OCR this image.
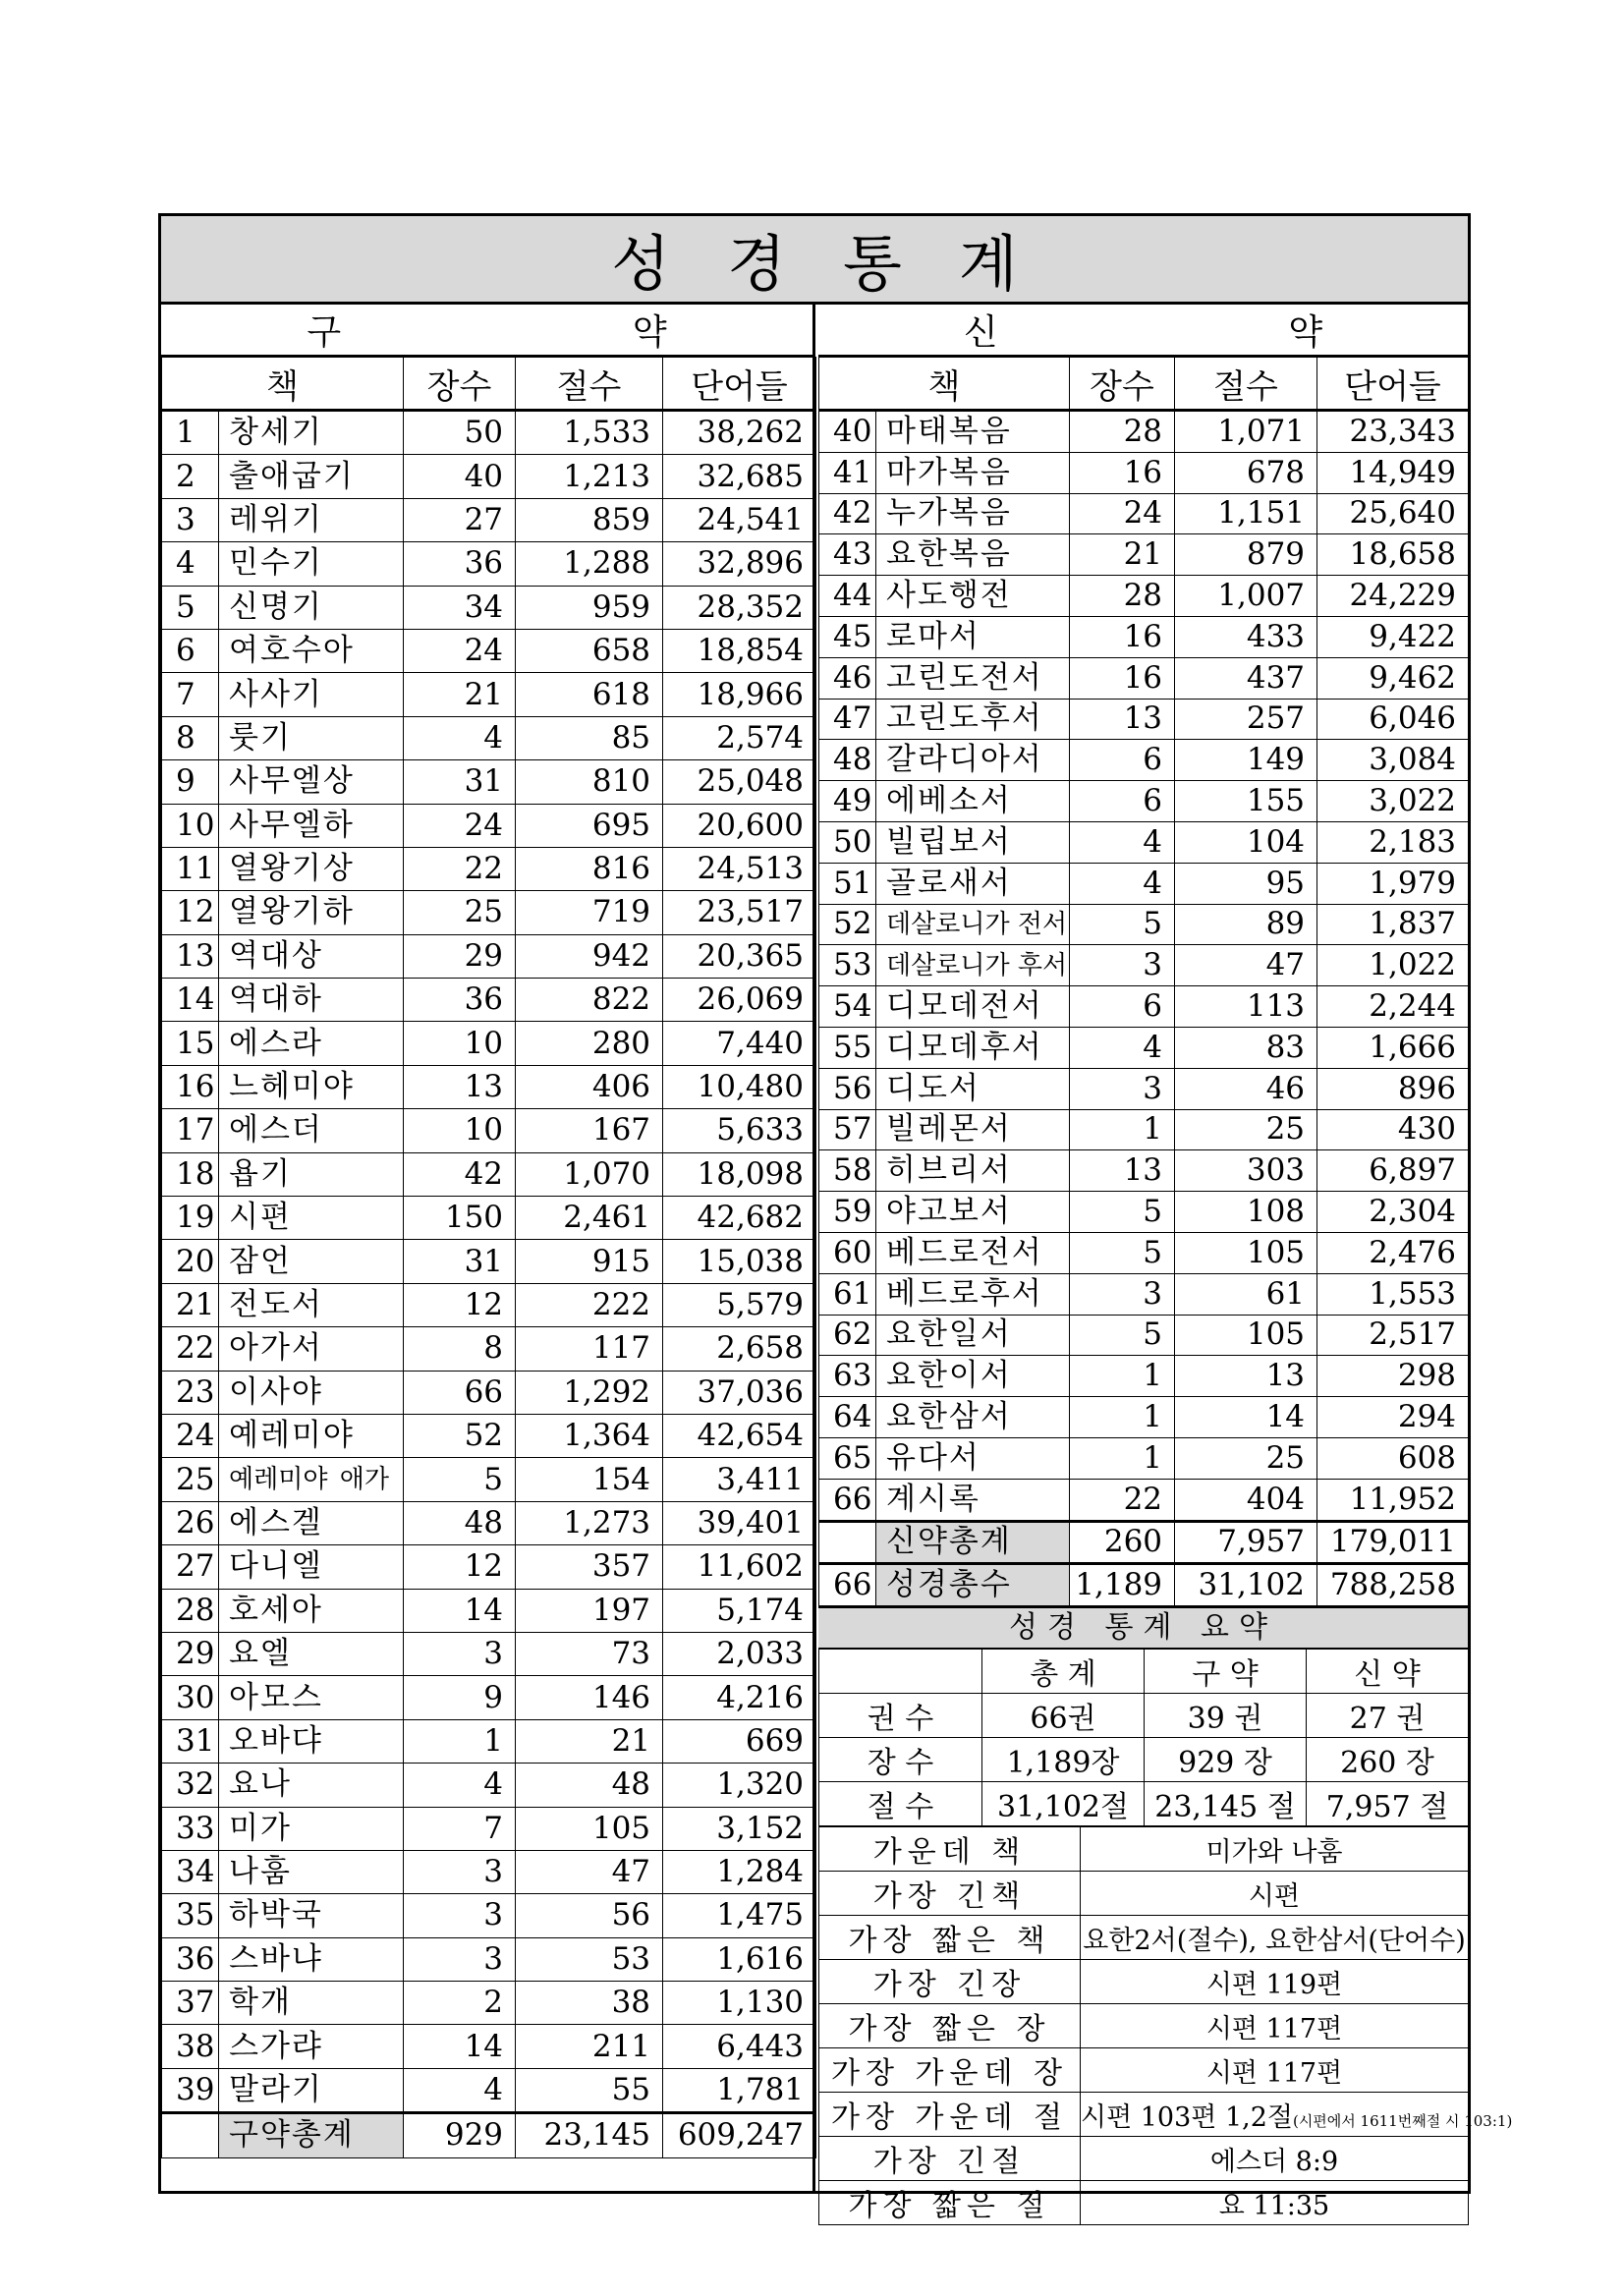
성경통계
구	약
책		장수	절수	단어들
1	창세기	50	1,533	38,262
2	출애굽기	40	1,213	32,685
3	레위기	27	859	24,541
4	민수기	36	1,288	32,896
5	신명기	34	959	28,352
6	여호수아	24	658	18,854
7	사사기	21	618	18,966
8	룻기	4	85	2,574
9	사무엘상	31	810	25,048
10	사무엘하	24	695	20,600
11	열왕기상	22	816	24,513
12	열왕기하	25	719	23,517
13	역대상	29	942	20,365
14	역대하	36	822	26,069
15	에스라	10	280	7,440
16	느헤미야	13	406	10,480
17	에스더	10	167	5,633
18	욥기	42	1,070	18,098
19	시편	150	2,461	42,682
20	잠언	31	915	15,038
21	전도서	12	222	5,579
22	아가서	8	117	2,658
23	이사야	66	1,292	37,036
24	예레미야	52	1,364	42,654
25	예레미야 애가	5	154	3,411
26	에스겔	48	1,273	39,401
27	다니엘	12	357	11,602
28	호세아	14	197	5,174
29	요엘	3	73	2,033
30	아모스	9	146	4,216
31	오바댜	1	21	669
32	요나	4	48	1,320
33	미가	7	105	3,152
34	나훔	3	47	1,284
35	하박국	3	56	1,475
36	스바냐	3	53	1,616
37	학개	2	38	1,130
38	스가랴	14	211	6,443
39	말라기	4	55	1,781
	구약총계	929	23,145	609,247
신	약
책		장수	절수	단어들
40	마태복음	28	1,071	23,343
41	마가복음	16	678	14,949
42	누가복음	24	1,151	25,640
43	요한복음	21	879	18,658
44	사도행전	28	1,007	24,229
45	로마서	16	433	9,422
46	고린도전서	16	437	9,462
47	고린도후서	13	257	6,046
48	갈라디아서	6	149	3,084
49	에베소서	6	155	3,022
50	빌립보서	4	104	2,183
51	골로새서	4	95	1,979
52	데살로니가 전서	5	89	1,837
53	데살로니가 후서	3	47	1,022
54	디모데전서	6	113	2,244
55	디모데후서	4	83	1,666
56	디도서	3	46	896
57	빌레몬서	1	25	430
58	히브리서	13	303	6,897
59	야고보서	5	108	2,304
60	베드로전서	5	105	2,476
61	베드로후서	3	61	1,553
62	요한일서	5	105	2,517
63	요한이서	1	13	298
64	요한삼서	1	14	294
65	유다서	1	25	608
66	계시록	22	404	11,952
	신약총계	260	7,957	179,011
66	성경총수	1,189	31,102	788,258
성경 통계 요약
	총 계	구 약	신 약
권 수	66권	39 권	27 권
장 수	1,189장	929 장	260 장
절 수	31,102절	23,145 절	7,957 절
가운데 책	미가와 나훔
가장 긴책	시편
가장 짧은 책	요한2서(절수), 요한삼서(단어수)
가장 긴장	시편 119편
가장 짧은 장	시편 117편
가장 가운데 장	시편 117편
가장 가운데 절	시편 103편 1,2절(시편에서 1611번째절 시 103:1)
가장 긴절	에스더 8:9
가장 짧은 절	요 11:35
